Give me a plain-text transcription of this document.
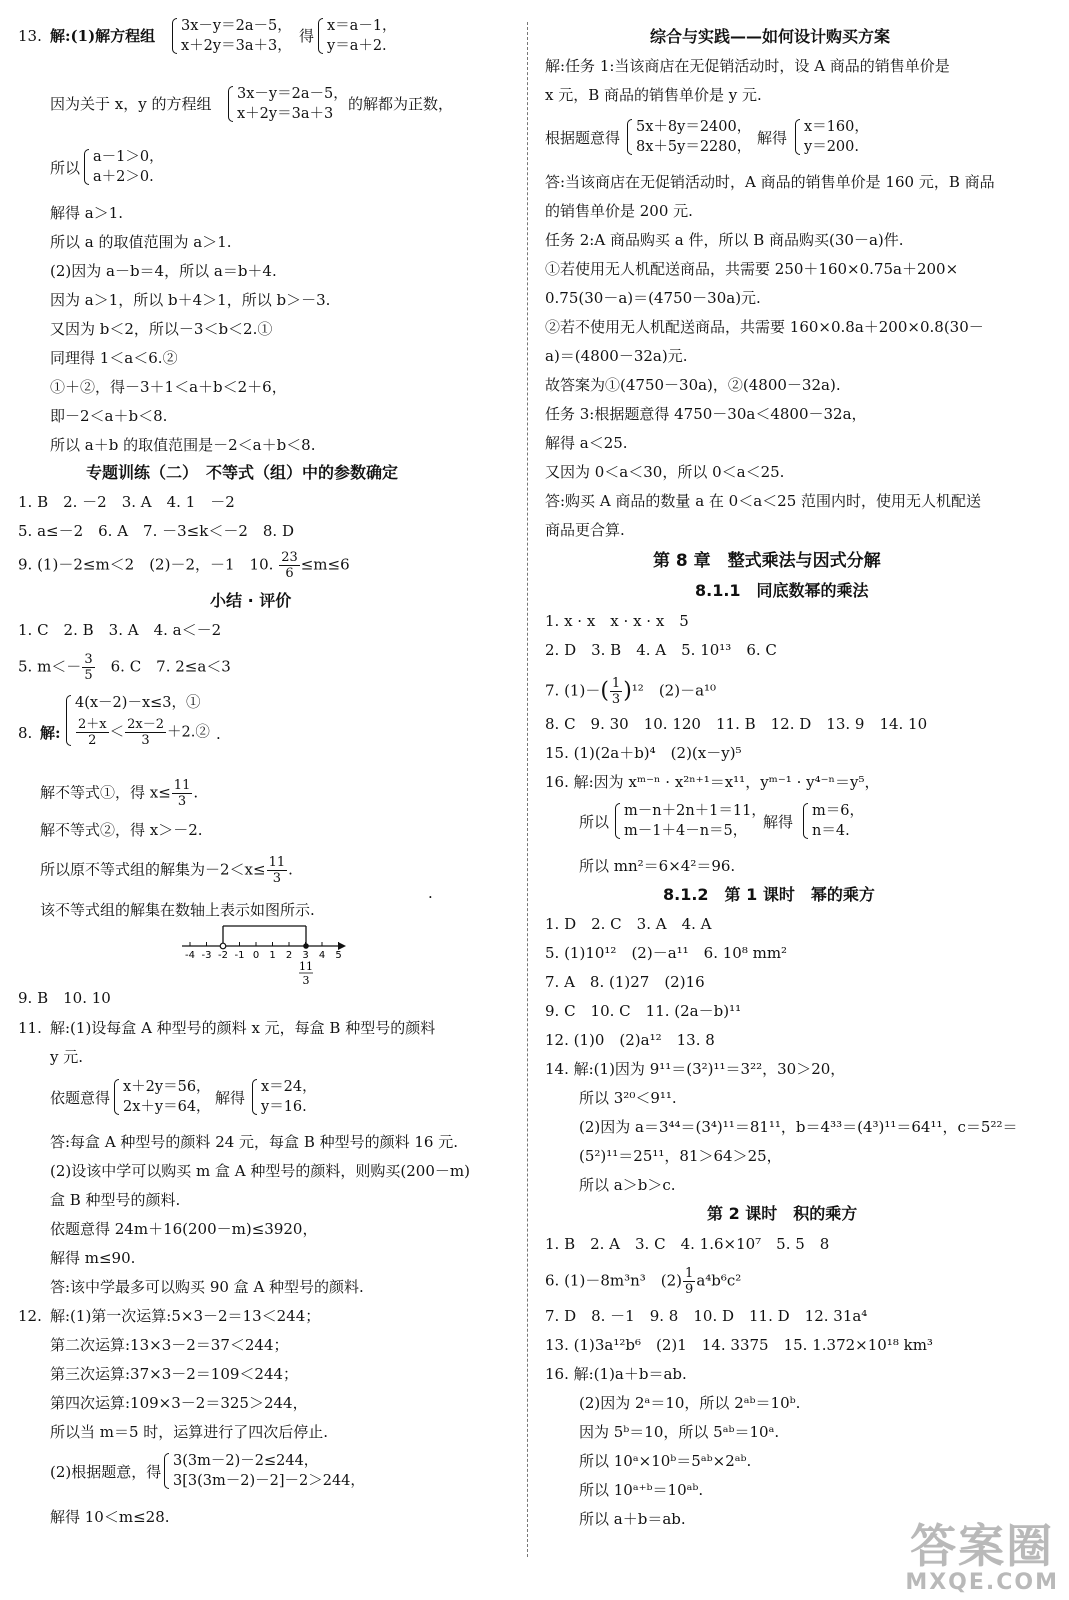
13. 解:(1)解方程组
3x－y＝2a－5，
x＋2y＝3a＋3，
得
x＝a－1，
y＝a＋2.
因为关于 x，y 的方程组
3x－y＝2a－5，
x＋2y＝3a＋3
的解都为正数，
所以
a－1＞0，
a＋2＞0.
解得 a＞1.
所以 a 的取值范围为 a＞1.
(2)因为 a－b＝4，所以 a＝b＋4.
因为 a＞1，所以 b＋4＞1，所以 b＞－3.
又因为 b＜2，所以－3＜b＜2.①
同理得 1＜a＜6.②
①＋②，得－3＋1＜a＋b＜2＋6，
即－2＜a＋b＜8.
所以 a＋b 的取值范围是－2＜a＋b＜8.
专题训练（二）　不等式（组）中的参数确定
1. B　2. －2　3. A　4. 1　－2
5. a≤－2　6. A　7. －3≤k＜－2　8. D
9. (1)－2≤m＜2　(2)－2，－1　10. $\frac{23}{6} \le m\le 6$
小结 · 评价
1. C　2. B　3. A　4. a＜－2
5. $m<- \frac{3}{5}$
　 6. C　7. 2≤a＜3
8. 解:
4(x－2)－x≤3，①
$\frac{2+x}{2} < \frac{2x-2}{3}$ ＋2.② ·
解不等式①，得 $x\le \frac{11}{3}$ .
解不等式②，得 x＞－2.
所以原不等式组的解集为$-2<x\le \frac{11}{3}$ .
该不等式组的解集在数轴上表示如图所示.
·
-4 -3 -2 -1 0 1 2 3 4 5
11
3
9. B　10. 10
11. 解:(1)设每盒 A 种型号的颜料 x 元，每盒 B 种型号的颜料
y 元.
依题意得
x＋2y＝56，
2x＋y＝64， 解得
x＝24，
y＝16.
答:每盒 A 种型号的颜料 24 元，每盒 B 种型号的颜料 16 元.
(2)设该中学可以购买 m 盒 A 种型号的颜料，则购买(200－m)
盒 B 种型号的颜料.
依题意得 24m＋16(200－m)≤3920，
解得 m≤90.
答:该中学最多可以购买 90 盒 A 种型号的颜料.
12. 解:(1)第一次运算:5×3－2＝13＜244；
第二次运算:13×3－2＝37＜244；
第三次运算:37×3－2＝109＜244；
第四次运算:109×3－2＝325＞244，
所以当 m＝5 时，运算进行了四次后停止.
(2)根据题意，得
3(3m－2)－2≤244，
3[3(3m－2)－2]－2＞244，
解得 10＜m≤28.
综合与实践——如何设计购买方案
解:任务 1:当该商店在无促销活动时，设 A 商品的销售单价是
x 元，B 商品的销售单价是 y 元.
根据题意得
5x＋8y＝2400，
8x＋5y＝2280， 解得
x＝160，
y＝200.
答:当该商店在无促销活动时，A 商品的销售单价是 160 元，B 商品
的销售单价是 200 元.
任务 2:A 商品购买 a 件，所以 B 商品购买(30－a)件.
①若使用无人机配送商品，共需要 250＋160×0.75a＋200×
0.75(30－a)＝(4750－30a)元.
②若不使用无人机配送商品，共需要 160×0.8a＋200×0.8(30－
a)＝(4800－32a)元.
故答案为①(4750－30a)，②(4800－32a).
任务 3:根据题意得 4750－30a＜4800－32a，
解得 a＜25.
又因为 0＜a＜30，所以 0＜a＜25.
答:购买 A 商品的数量 a 在 0＜a＜25 范围内时，使用无人机配送
商品更合算.
第 8 章　整式乘法与因式分解
8.1.1　同底数幂的乘法
1. x · x　x · x · x　5
2. D　3. B　4. A　5. 10¹³　6. C
7. $(1)-( \frac{1}{3} )^{12}$　(2)－a¹⁰
8. C　9. 30　10. 120　11. B　12. D　13. 9　14. 10
15. (1)(2a＋b)⁴　(2)(x－y)⁵
16. 解:因为 xᵐ⁻ⁿ · x²ⁿ⁺¹＝x¹¹，yᵐ⁻¹ · y⁴⁻ⁿ＝y⁵，
所以
m－n＋2n＋1＝11，
m－1＋4－n＝5，	解得
m＝6，
n＝4.
所以 mn²＝6×4²＝96.
8.1.2　第 1 课时　幂的乘方
1. D　2. C　3. A　4. A
5. (1)10¹²　(2)－a¹¹　6. 10⁸ mm²
7. A　8. (1)27　(2)16
9. C　10. C　11. (2a－b)¹¹
12. (1)0　(2)a¹²　13. 8
14. 解:(1)因为 9¹¹＝(3²)¹¹＝3²²，30＞20，
所以 3²⁰＜9¹¹.
(2)因为 a＝3⁴⁴＝(3⁴)¹¹＝81¹¹，b＝4³³＝(4³)¹¹＝64¹¹，c＝5²²＝
(5²)¹¹＝25¹¹，81＞64＞25，
所以 a＞b＞c.
第 2 课时　积的乘方
1. B　2. A　3. C　4. 1.6×10⁷　5. 5　8
6. (1)－8m³n³　$(2) \frac{1}{9} a^4b^6c^2$
7. D　8. －1　9. 8　10. D　11. D　12. 31a⁴
13. (1)3a¹²b⁶　(2)1　14. 3375　15. 1.372×10¹⁸ km³
16. 解:(1)a＋b＝ab.
(2)因为 2ᵃ＝10，所以 2ᵃᵇ＝10ᵇ.
因为 5ᵇ＝10，所以 5ᵃᵇ＝10ᵃ.
所以 10ᵃ×10ᵇ＝5ᵃᵇ×2ᵃᵇ.
所以 10ᵃ⁺ᵇ＝10ᵃᵇ.
所以 a＋b＝ab.	答案圈
MXQE.COM
